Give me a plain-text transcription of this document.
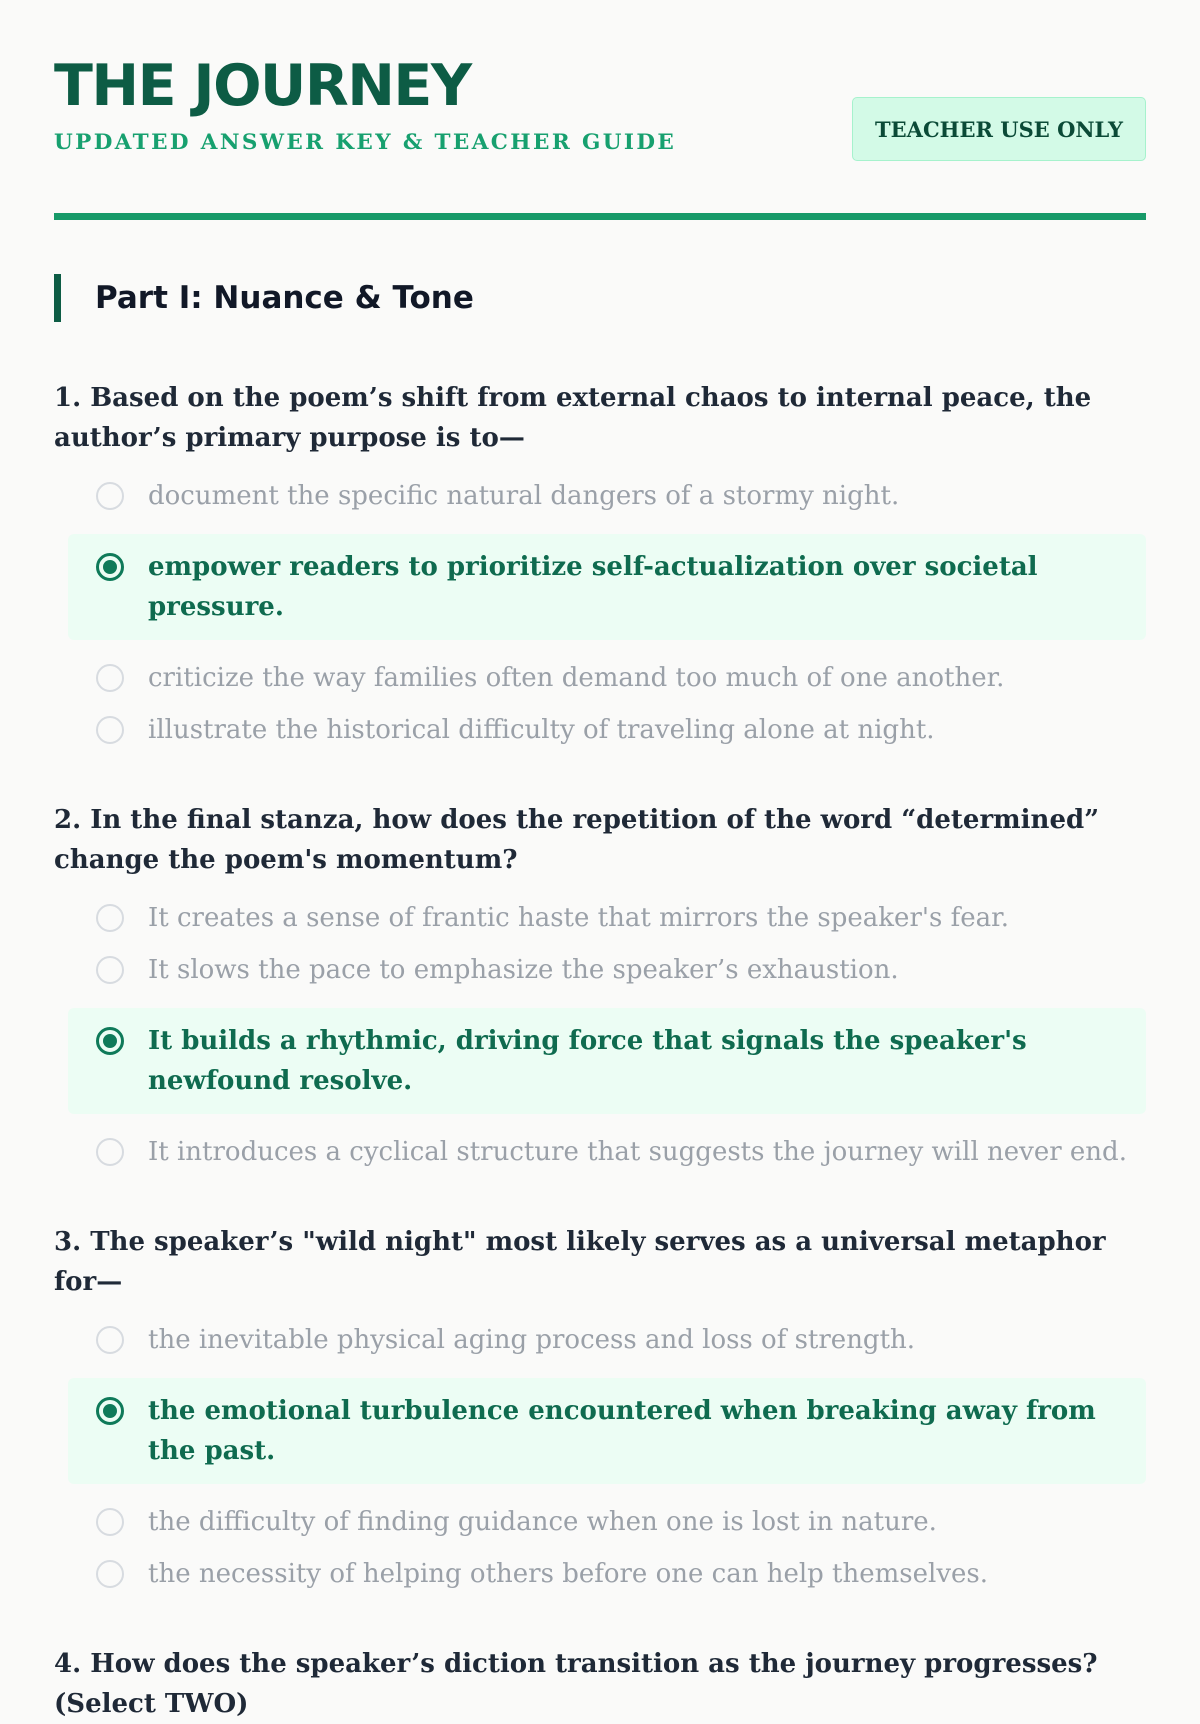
THE JOURNEY
UPDATED ANSWER KEY & TEACHER GUIDE
TEACHER USE ONLY
Part I: Nuance & Tone

1. Based on the poem’s shift from external chaos to internal peace, the author’s primary purpose is to—

document the specific natural dangers of a stormy night.
empower readers to prioritize self-actualization over societal pressure.
criticize the way families often demand too much of one another.
illustrate the historical difficulty of traveling alone at night.

2. In the final stanza, how does the repetition of the word “determined” change the poem's momentum?

It creates a sense of frantic haste that mirrors the speaker's fear.
It slows the pace to emphasize the speaker’s exhaustion.
It builds a rhythmic, driving force that signals the speaker's newfound resolve.
It introduces a cyclical structure that suggests the journey will never end.

3. The speaker’s "wild night" most likely serves as a universal metaphor for—

the inevitable physical aging process and loss of strength.
the emotional turbulence encountered when breaking away from the past.
the difficulty of finding guidance when one is lost in nature.
the necessity of helping others before one can help themselves.

4. How does the speaker’s diction transition as the journey progresses? (Select TWO)
